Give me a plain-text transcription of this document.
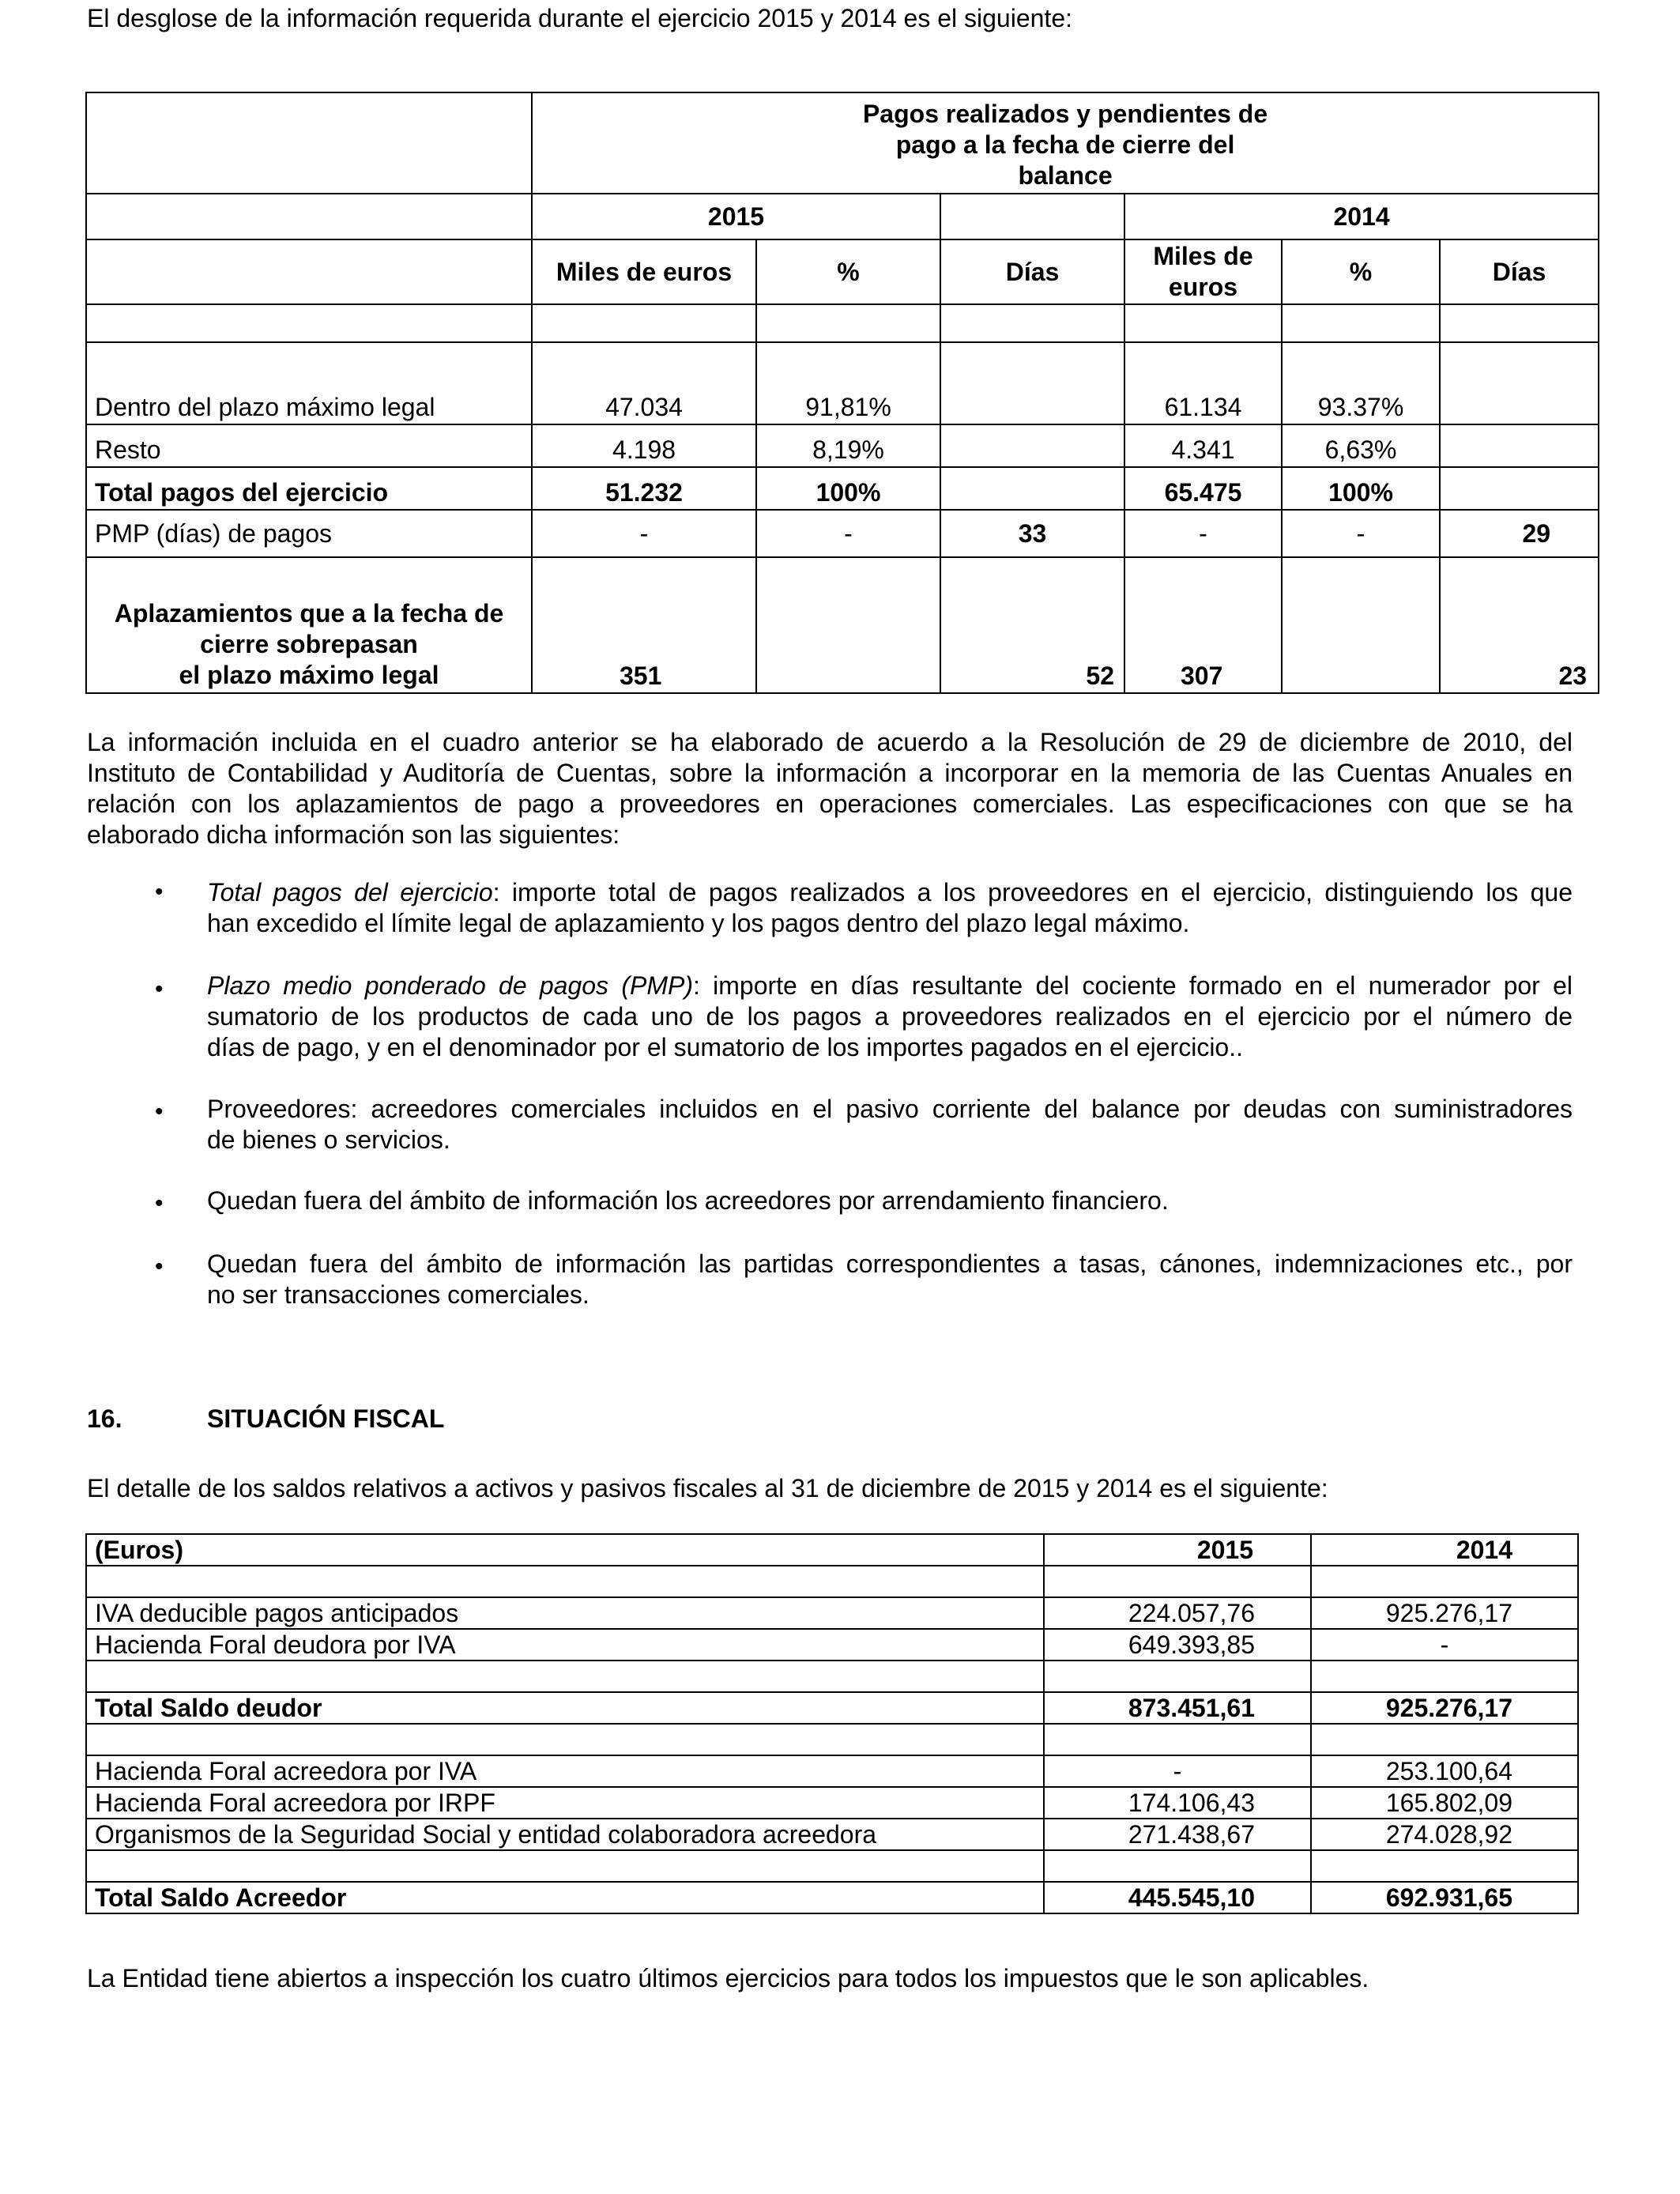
El desglose de la información requerida durante el ejercicio 2015 y 2014 es el siguiente:

	Pagos realizados y pendientes de
pago a la fecha de cierre del
balance					

	2015			2014		
	Miles de euros	%	Días	Miles de
euros	%	Días

Dentro del plazo máximo legal	47.034	91,81%		61.134	93.37%	
Resto	4.198	8,19%		4.341	6,63%	
Total pagos del ejercicio	51.232	100%		65.475	100%	
PMP (días) de pagos	-	-	33	-	-	29

Aplazamientos que a la fecha de
cierre sobrepasan
el plazo máximo legal	351		52	307		23
La información incluida en el cuadro anterior se ha elaborado de acuerdo a la Resolución de 29 de diciembre de 2010, del
Instituto de Contabilidad y Auditoría de Cuentas, sobre la información a incorporar en la memoria de las Cuentas Anuales en
relación con los aplazamientos de pago a proveedores en operaciones comerciales. Las especificaciones con que se ha
elaborado dicha información son las siguientes:
• Total pagos del ejercicio: importe total de pagos realizados a los proveedores en el ejercicio, distinguiendo los que
han excedido el límite legal de aplazamiento y los pagos dentro del plazo legal máximo.
• Plazo medio ponderado de pagos (PMP): importe en días resultante del cociente formado en el numerador por el
sumatorio de los productos de cada uno de los pagos a proveedores realizados en el ejercicio por el número de
días de pago, y en el denominador por el sumatorio de los importes pagados en el ejercicio..
• Proveedores: acreedores comerciales incluidos en el pasivo corriente del balance por deudas con suministradores
de bienes o servicios.
• Quedan fuera del ámbito de información los acreedores por arrendamiento financiero.
• Quedan fuera del ámbito de información las partidas correspondientes a tasas, cánones, indemnizaciones etc., por
no ser transacciones comerciales.
16.	SITUACIÓN FISCAL
El detalle de los saldos relativos a activos y pasivos fiscales al 31 de diciembre de 2015 y 2014 es el siguiente:
(Euros)	2015	2014

IVA deducible pagos anticipados	224.057,76	925.276,17
Hacienda Foral deudora por IVA	649.393,85	-

Total Saldo deudor	873.451,61	925.276,17

Hacienda Foral acreedora por IVA	-	253.100,64
Hacienda Foral acreedora por IRPF	174.106,43	165.802,09
Organismos de la Seguridad Social y entidad colaboradora acreedora	271.438,67	274.028,92

Total Saldo Acreedor	445.545,10	692.931,65
La Entidad tiene abiertos a inspección los cuatro últimos ejercicios para todos los impuestos que le son aplicables.
